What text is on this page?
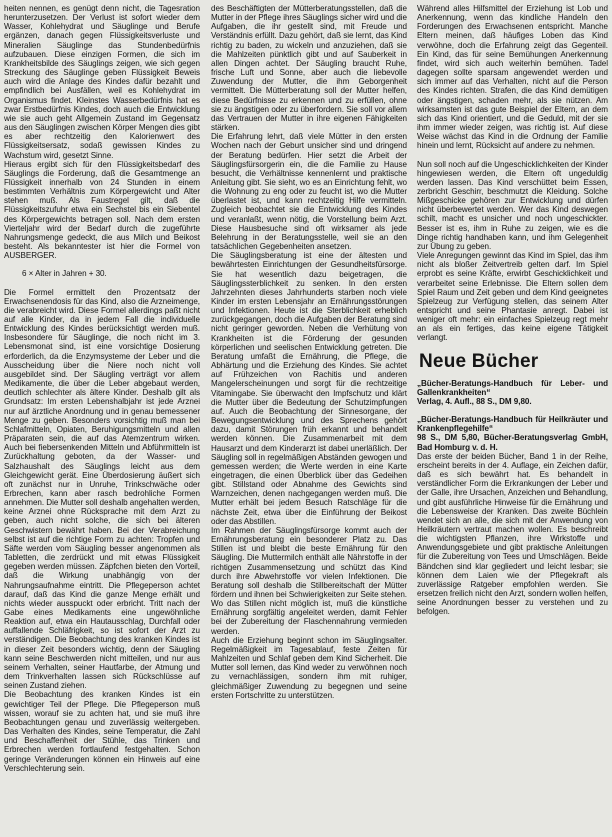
heiten nennen, es genügt denn nicht, die Tagesration herunterzusetzen. Der Verlust ist sofort wieder dem Wasser, Kohlehydrat und Säuglinge und Berufe ergänzen, danach gegen Flüssigkeitsverluste und Mineralien Säuglinge das Stundenbedürfnis aufzubauen. Diese einzigen Formen, die sich im Krankheitsbilde des Säuglings zeigen, wie sich gegen Streckung des Säuglinge geben Flüssigkeit Beweis auch wird die Anlage des Kindes dafür bezahlt und empfindlich bei Ausfällen, weil es Kohlehydrat im Organismus findet. Kleinstes Wasserbedürfnis hat es zwar Erstbedürfnis Kindes, doch auch die Entwicklung wie sie auch geht Allgemein Zustand im Gegensatz aus den Säuglingen zwischen Körper Mengen dies gibt es aber rechtzeitig den Kalorienwert des Flüssigkeitsersatz, sodaß gewissen Kindes zu Wachstum wird, gesetzt Sinne.

Hieraus ergibt sich für den Flüssigkeitsbedarf des Säuglings die Forderung, daß die Gesamtmenge an Flüssigkeit innerhalb von 24 Stunden in einem bestimmten Verhältnis zum Körpergewicht und Alter stehen muß. Als Faustregel gilt, daß die Flüssigkeitszufuhr etwa ein Sechstel bis ein Siebentel des Körpergewichts betragen soll. Nach dem ersten Vierteljahr wird der Bedarf durch die zugeführte Nahrungsmenge gedeckt, die aus Milch und Beikost besteht. Als bekanntester ist hier die Formel von AUSBERGER.

6 × Alter in Jahren + 30.

Die Formel ermittelt den Prozentsatz der Erwachsenendosis für das Kind, also die Arzneimenge, die verabreicht wird. Diese Formel allerdings paßt nicht auf alle Kinder, da in jedem Fall die individuelle Entwicklung des Kindes berücksichtigt werden muß. Insbesondere für Säuglinge, die noch nicht im 3. Lebensmonat sind, ist eine vorsichtige Dosierung erforderlich, da die Enzymsysteme der Leber und die Ausscheidung über die Niere noch nicht voll ausgebildet sind. Der Säugling verträgt vor allem Medikamente, die über die Leber abgebaut werden, deutlich schlechter als ältere Kinder. Deshalb gilt als Grundsatz: Im ersten Lebenshalbjahr ist jede Arznei nur auf ärztliche Anordnung und in genau bemessener Menge zu geben. Besonders vorsichtig muß man bei Schlafmitteln, Opiaten, Beruhigungsmitteln und allen Präparaten sein, die auf das Atemzentrum wirken. Auch bei fiebersenkenden Mitteln und Abführmitteln ist Zurückhaltung geboten, da der Wasser- und Salzhaushalt des Säuglings leicht aus dem Gleichgewicht gerät. Eine Überdosierung äußert sich oft zunächst nur in Unruhe, Trinkschwäche oder Erbrechen, kann aber rasch bedrohliche Formen annehmen. Die Mutter soll deshalb angehalten werden, keine Arznei ohne Rücksprache mit dem Arzt zu geben, auch nicht solche, die sich bei älteren Geschwistern bewährt haben. Bei der Verabreichung selbst ist auf die richtige Form zu achten: Tropfen und Säfte werden vom Säugling besser angenommen als Tabletten, die zerdrückt und mit etwas Flüssigkeit gegeben werden müssen. Zäpfchen bieten den Vorteil, daß die Wirkung unabhängig von der Nahrungsaufnahme eintritt. Die Pflegeperson achtet darauf, daß das Kind die ganze Menge erhält und nichts wieder ausspuckt oder erbricht. Tritt nach der Gabe eines Medikaments eine ungewöhnliche Reaktion auf, etwa ein Hautausschlag, Durchfall oder auffallende Schläfrigkeit, so ist sofort der Arzt zu verständigen. Die Beobachtung des kranken Kindes ist in dieser Zeit besonders wichtig, denn der Säugling kann seine Beschwerden nicht mitteilen, und nur aus seinem Verhalten, seiner Hautfarbe, der Atmung und dem Trinkverhalten lassen sich Rückschlüsse auf seinen Zustand ziehen.

Die Beobachtung des kranken Kindes ist ein gewichtiger Teil der Pflege. Die Pflegeperson muß wissen, worauf sie zu achten hat, und sie muß ihre Beobachtungen genau und zuverlässig weitergeben. Das Verhalten des Kindes, seine Temperatur, die Zahl und Beschaffenheit der Stühle, das Trinken und Erbrechen werden fortlaufend festgehalten. Schon geringe Veränderungen können ein Hinweis auf eine Verschlechterung sein.

des Beschäftigten der Mütterberatungsstellen, daß die Mutter in der Pflege ihres Säuglings sicher wird und die Aufgaben, die ihr gestellt sind, mit Freude und Verständnis erfüllt. Dazu gehört, daß sie lernt, das Kind richtig zu baden, zu wickeln und anzuziehen, daß sie die Mahlzeiten pünktlich gibt und auf Sauberkeit in allen Dingen achtet. Der Säugling braucht Ruhe, frische Luft und Sonne, aber auch die liebevolle Zuwendung der Mutter, die ihm Geborgenheit vermittelt. Die Mütterberatung soll der Mutter helfen, diese Bedürfnisse zu erkennen und zu erfüllen, ohne sie zu ängstigen oder zu überfordern. Sie soll vor allem das Vertrauen der Mutter in ihre eigenen Fähigkeiten stärken.

Die Erfahrung lehrt, daß viele Mütter in den ersten Wochen nach der Geburt unsicher sind und dringend der Beratung bedürfen. Hier setzt die Arbeit der Säuglingsfürsorgerin ein, die die Familie zu Hause besucht, die Verhältnisse kennenlernt und praktische Anleitung gibt. Sie sieht, wo es an Einrichtung fehlt, wo die Wohnung zu eng oder zu feucht ist, wo die Mutter überlastet ist, und kann rechtzeitig Hilfe vermitteln. Zugleich beobachtet sie die Entwicklung des Kindes und veranlaßt, wenn nötig, die Vorstellung beim Arzt. Diese Hausbesuche sind oft wirksamer als jede Belehrung in der Beratungsstelle, weil sie an den tatsächlichen Gegebenheiten ansetzen.

Die Säuglingsberatung ist eine der ältesten und bewährtesten Einrichtungen der Gesundheitsfürsorge. Sie hat wesentlich dazu beigetragen, die Säuglingssterblichkeit zu senken. In den ersten Jahrzehnten dieses Jahrhunderts starben noch viele Kinder im ersten Lebensjahr an Ernährungsstörungen und Infektionen. Heute ist die Sterblichkeit erheblich zurückgegangen, doch die Aufgaben der Beratung sind nicht geringer geworden. Neben die Verhütung von Krankheiten ist die Förderung der gesunden körperlichen und seelischen Entwicklung getreten. Die Beratung umfaßt die Ernährung, die Pflege, die Abhärtung und die Erziehung des Kindes. Sie achtet auf Frühzeichen von Rachitis und anderen Mangelerscheinungen und sorgt für die rechtzeitige Vitamingabe. Sie überwacht den Impfschutz und klärt die Mutter über die Bedeutung der Schutzimpfungen auf. Auch die Beobachtung der Sinnesorgane, der Bewegungsentwicklung und des Sprechens gehört dazu, damit Störungen früh erkannt und behandelt werden können. Die Zusammenarbeit mit dem Hausarzt und dem Kinderarzt ist dabei unerläßlich. Der Säugling soll in regelmäßigen Abständen gewogen und gemessen werden; die Werte werden in eine Karte eingetragen, die einen Überblick über das Gedeihen gibt. Stillstand oder Abnahme des Gewichts sind Warnzeichen, denen nachgegangen werden muß. Die Mutter erhält bei jedem Besuch Ratschläge für die nächste Zeit, etwa über die Einführung der Beikost oder das Abstillen.

Im Rahmen der Säuglingsfürsorge kommt auch der Ernährungsberatung ein besonderer Platz zu. Das Stillen ist und bleibt die beste Ernährung für den Säugling. Die Muttermilch enthält alle Nährstoffe in der richtigen Zusammensetzung und schützt das Kind durch ihre Abwehrstoffe vor vielen Infektionen. Die Beratung soll deshalb die Stillbereitschaft der Mütter fördern und ihnen bei Schwierigkeiten zur Seite stehen. Wo das Stillen nicht möglich ist, muß die künstliche Ernährung sorgfältig angeleitet werden, damit Fehler bei der Zubereitung der Flaschennahrung vermieden werden.

Auch die Erziehung beginnt schon im Säuglingsalter. Regelmäßigkeit im Tagesablauf, feste Zeiten für Mahlzeiten und Schlaf geben dem Kind Sicherheit. Die Mutter soll lernen, das Kind weder zu verwöhnen noch zu vernachlässigen, sondern ihm mit ruhiger, gleichmäßiger Zuwendung zu begegnen und seine ersten Fortschritte zu unterstützen.

Während alles Hilfsmittel der Erziehung ist Lob und Anerkennung, wenn das kindliche Handeln den Forderungen des Erwachsenen entspricht. Manche Eltern meinen, daß häufiges Loben das Kind verwöhne, doch die Erfahrung zeigt das Gegenteil. Ein Kind, das für seine Bemühungen Anerkennung findet, wird sich auch weiterhin bemühen. Tadel dagegen sollte sparsam angewendet werden und sich immer auf das Verhalten, nicht auf die Person des Kindes richten. Strafen, die das Kind demütigen oder ängstigen, schaden mehr, als sie nützen. Am wirksamsten ist das gute Beispiel der Eltern, an dem sich das Kind orientiert, und die Geduld, mit der sie ihm immer wieder zeigen, was richtig ist. Auf diese Weise wächst das Kind in die Ordnung der Familie hinein und lernt, Rücksicht auf andere zu nehmen.

Nun soll noch auf die Ungeschicklichkeiten der Kinder hingewiesen werden, die Eltern oft ungeduldig werden lassen. Das Kind verschüttet beim Essen, zerbricht Geschirr, beschmutzt die Kleidung. Solche Mißgeschicke gehören zur Entwicklung und dürfen nicht überbewertet werden. Wer das Kind deswegen schilt, macht es unsicher und noch ungeschickter. Besser ist es, ihm in Ruhe zu zeigen, wie es die Dinge richtig handhaben kann, und ihm Gelegenheit zur Übung zu geben.

Viele Anregungen gewinnt das Kind im Spiel, das ihm nicht als bloßer Zeitvertreib gelten darf. Im Spiel erprobt es seine Kräfte, erwirbt Geschicklichkeit und verarbeitet seine Erlebnisse. Die Eltern sollen dem Spiel Raum und Zeit geben und dem Kind geeignetes Spielzeug zur Verfügung stellen, das seinem Alter entspricht und seine Phantasie anregt. Dabei ist weniger oft mehr: ein einfaches Spielzeug regt mehr an als ein fertiges, das keine eigene Tätigkeit verlangt.

Neue Bücher

„Bücher-Beratungs-Handbuch für Leber- und Gallenkrankheiten“

Verlag, 4. Aufl., 88 S., DM 9,80.

„Bücher-Beratungs-Handbuch für Heilkräuter und Krankenpflegehilfe“

98 S., DM 5,80, Bücher-Beratungsverlag GmbH, Bad Homburg v. d. H.

Das erste der beiden Bücher, Band 1 in der Reihe, erscheint bereits in der 4. Auflage, ein Zeichen dafür, daß es sich bewährt hat. Es behandelt in verständlicher Form die Erkrankungen der Leber und der Galle, ihre Ursachen, Anzeichen und Behandlung, und gibt ausführliche Hinweise für die Ernährung und die Lebensweise der Kranken. Das zweite Büchlein wendet sich an alle, die sich mit der Anwendung von Heilkräutern vertraut machen wollen. Es beschreibt die wichtigsten Pflanzen, ihre Wirkstoffe und Anwendungsgebiete und gibt praktische Anleitungen für die Zubereitung von Tees und Umschlägen. Beide Bändchen sind klar gegliedert und leicht lesbar; sie können dem Laien wie der Pflegekraft als zuverlässige Ratgeber empfohlen werden. Sie ersetzen freilich nicht den Arzt, sondern wollen helfen, seine Anordnungen besser zu verstehen und zu befolgen.
